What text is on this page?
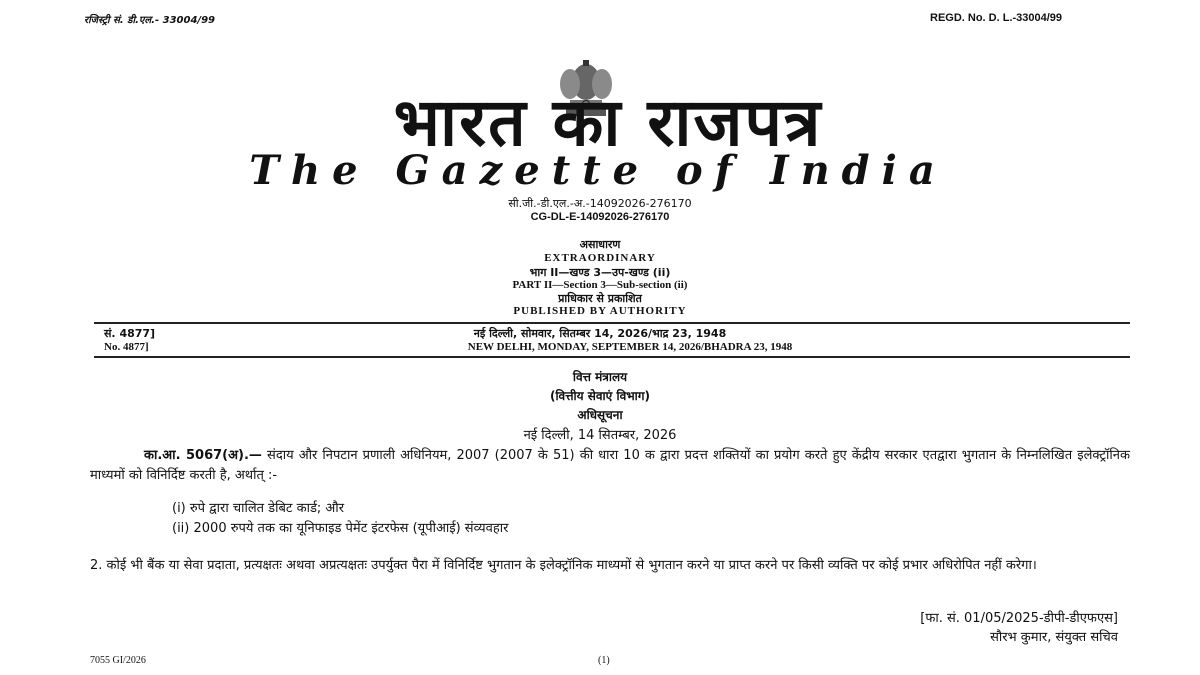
रजिस्ट्री सं. डी.एल.- 33004/99	REGD. No. D. L.-33004/99
भारत का राजपत्र
The Gazette of India
सी.जी.-डी.एल.-अ.-14092026-276170
CG-DL-E-14092026-276170
असाधारण
EXTRAORDINARY
भाग II—खण्ड 3—उप-खण्ड (ii)
PART II—Section 3—Sub-section (ii)
प्राधिकार से प्रकाशित
PUBLISHED BY AUTHORITY
सं. 4877]
No. 4877]
नई दिल्ली, सोमवार, सितम्बर 14, 2026/भाद्र 23, 1948
NEW DELHI, MONDAY, SEPTEMBER 14, 2026/BHADRA 23, 1948
वित्त मंत्रालय
(वित्तीय सेवाएं विभाग)
अधिसूचना
नई दिल्ली, 14 सितम्बर, 2026
का.आ. 5067(अ).— संदाय और निपटान प्रणाली अधिनियम, 2007 (2007 के 51) की धारा 10 क द्वारा प्रदत्त शक्तियों का प्रयोग करते हुए केंद्रीय सरकार एतद्वारा भुगतान के निम्नलिखित इलेक्ट्रॉनिक माध्यमों को विनिर्दिष्ट करती है, अर्थात् :-
(i) रुपे द्वारा चालित डेबिट कार्ड; और
(ii) 2000 रुपये तक का यूनिफाइड पेमेंट इंटरफेस (यूपीआई) संव्यवहार
2. कोई भी बैंक या सेवा प्रदाता, प्रत्यक्षतः अथवा अप्रत्यक्षतः उपर्युक्त पैरा में विनिर्दिष्ट भुगतान के इलेक्ट्रॉनिक माध्यमों से भुगतान करने या प्राप्त करने पर किसी व्यक्ति पर कोई प्रभार अधिरोपित नहीं करेगा।
[फा. सं. 01/05/2025-डीपी-डीएफएस]
सौरभ कुमार, संयुक्त सचिव
7055 GI/2026	(1)
